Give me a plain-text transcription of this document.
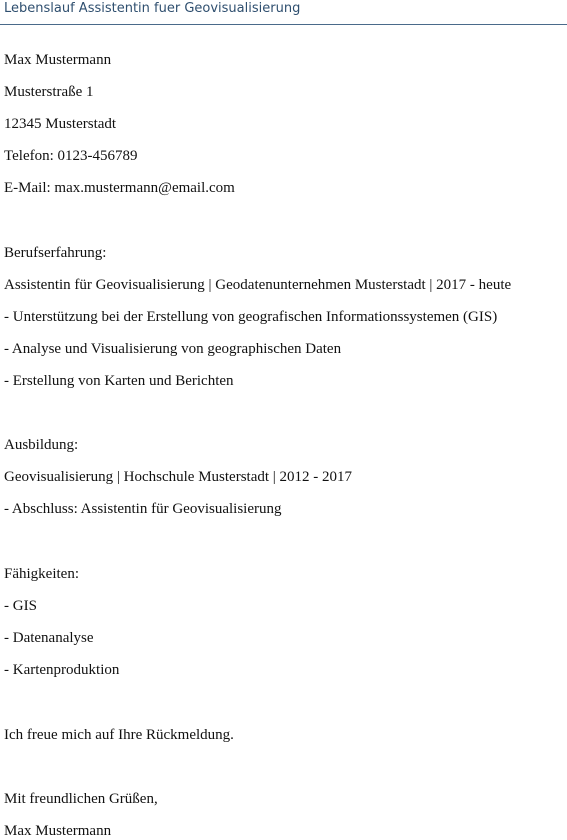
Lebenslauf Assistentin fuer Geovisualisierung
Max Mustermann
Musterstraße 1
12345 Musterstadt
Telefon: 0123-456789
E-Mail: max.mustermann@email.com
Berufserfahrung:
Assistentin für Geovisualisierung | Geodatenunternehmen Musterstadt | 2017 - heute
- Unterstützung bei der Erstellung von geografischen Informationssystemen (GIS)
- Analyse und Visualisierung von geographischen Daten
- Erstellung von Karten und Berichten
Ausbildung:
Geovisualisierung | Hochschule Musterstadt | 2012 - 2017
- Abschluss: Assistentin für Geovisualisierung
Fähigkeiten:
- GIS
- Datenanalyse
- Kartenproduktion
Ich freue mich auf Ihre Rückmeldung.
Mit freundlichen Grüßen,
Max Mustermann
